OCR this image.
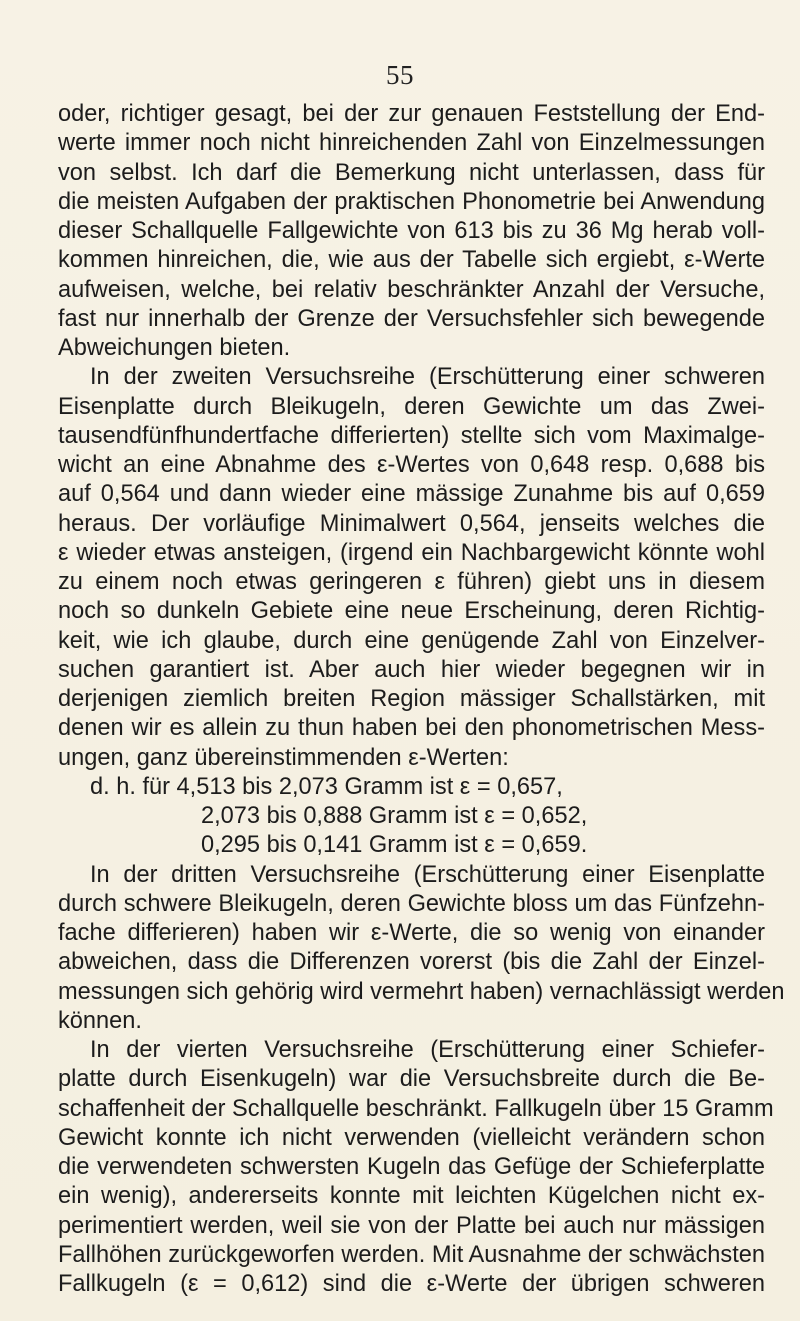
55
oder, richtiger gesagt, bei der zur genauen Feststellung der End-
werte immer noch nicht hinreichenden Zahl von Einzelmessungen
von selbst. Ich darf die Bemerkung nicht unterlassen, dass für
die meisten Aufgaben der praktischen Phonometrie bei Anwendung
dieser Schallquelle Fallgewichte von 613 bis zu 36 Mg herab voll-
kommen hinreichen, die, wie aus der Tabelle sich ergiebt, ε-Werte
aufweisen, welche, bei relativ beschränkter Anzahl der Versuche,
fast nur innerhalb der Grenze der Versuchsfehler sich bewegende
Abweichungen bieten.
In der zweiten Versuchsreihe (Erschütterung einer schweren
Eisenplatte durch Bleikugeln, deren Gewichte um das Zwei-
tausendfünfhundertfache differierten) stellte sich vom Maximalge-
wicht an eine Abnahme des ε-Wertes von 0,648 resp. 0,688 bis
auf 0,564 und dann wieder eine mässige Zunahme bis auf 0,659
heraus. Der vorläufige Minimalwert 0,564, jenseits welches die
ε wieder etwas ansteigen, (irgend ein Nachbargewicht könnte wohl
zu einem noch etwas geringeren ε führen) giebt uns in diesem
noch so dunkeln Gebiete eine neue Erscheinung, deren Richtig-
keit, wie ich glaube, durch eine genügende Zahl von Einzelver-
suchen garantiert ist. Aber auch hier wieder begegnen wir in
derjenigen ziemlich breiten Region mässiger Schallstärken, mit
denen wir es allein zu thun haben bei den phonometrischen Mess-
ungen, ganz übereinstimmenden ε-Werten:
d. h. für 4,513 bis 2,073 Gramm ist ε = 0,657,
2,073 bis 0,888 Gramm ist ε = 0,652,
0,295 bis 0,141 Gramm ist ε = 0,659.
In der dritten Versuchsreihe (Erschütterung einer Eisenplatte
durch schwere Bleikugeln, deren Gewichte bloss um das Fünfzehn-
fache differieren) haben wir ε-Werte, die so wenig von einander
abweichen, dass die Differenzen vorerst (bis die Zahl der Einzel-
messungen sich gehörig wird vermehrt haben) vernachlässigt werden
können.
In der vierten Versuchsreihe (Erschütterung einer Schiefer-
platte durch Eisenkugeln) war die Versuchsbreite durch die Be-
schaffenheit der Schallquelle beschränkt. Fallkugeln über 15 Gramm
Gewicht konnte ich nicht verwenden (vielleicht verändern schon
die verwendeten schwersten Kugeln das Gefüge der Schieferplatte
ein wenig), andererseits konnte mit leichten Kügelchen nicht ex-
perimentiert werden, weil sie von der Platte bei auch nur mässigen
Fallhöhen zurückgeworfen werden. Mit Ausnahme der schwächsten
Fallkugeln (ε = 0,612) sind die ε-Werte der übrigen schweren
